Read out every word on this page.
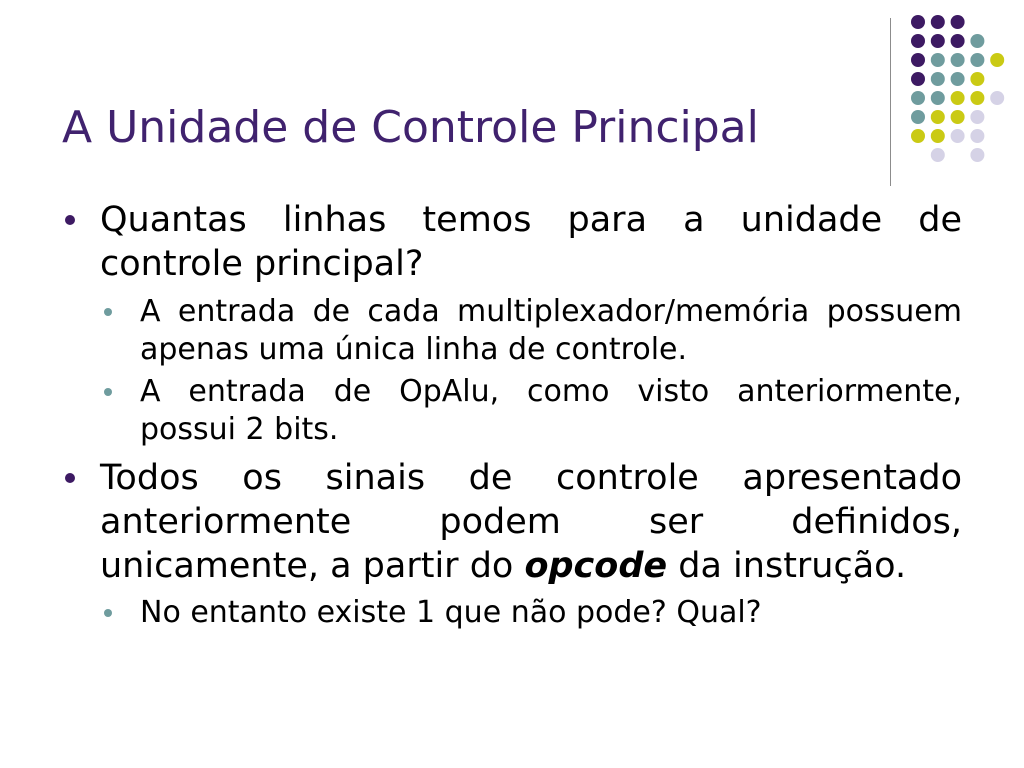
A Unidade de Controle Principal
Quantas linhas temos para a unidade de
controle principal?
A entrada de cada multiplexador/memória possuem
apenas uma única linha de controle.
A entrada de OpAlu, como visto anteriormente,
possui 2 bits.
Todos os sinais de controle apresentado
anteriormente podem ser definidos,
unicamente, a partir do opcode da instrução.
No entanto existe 1 que não pode? Qual?
